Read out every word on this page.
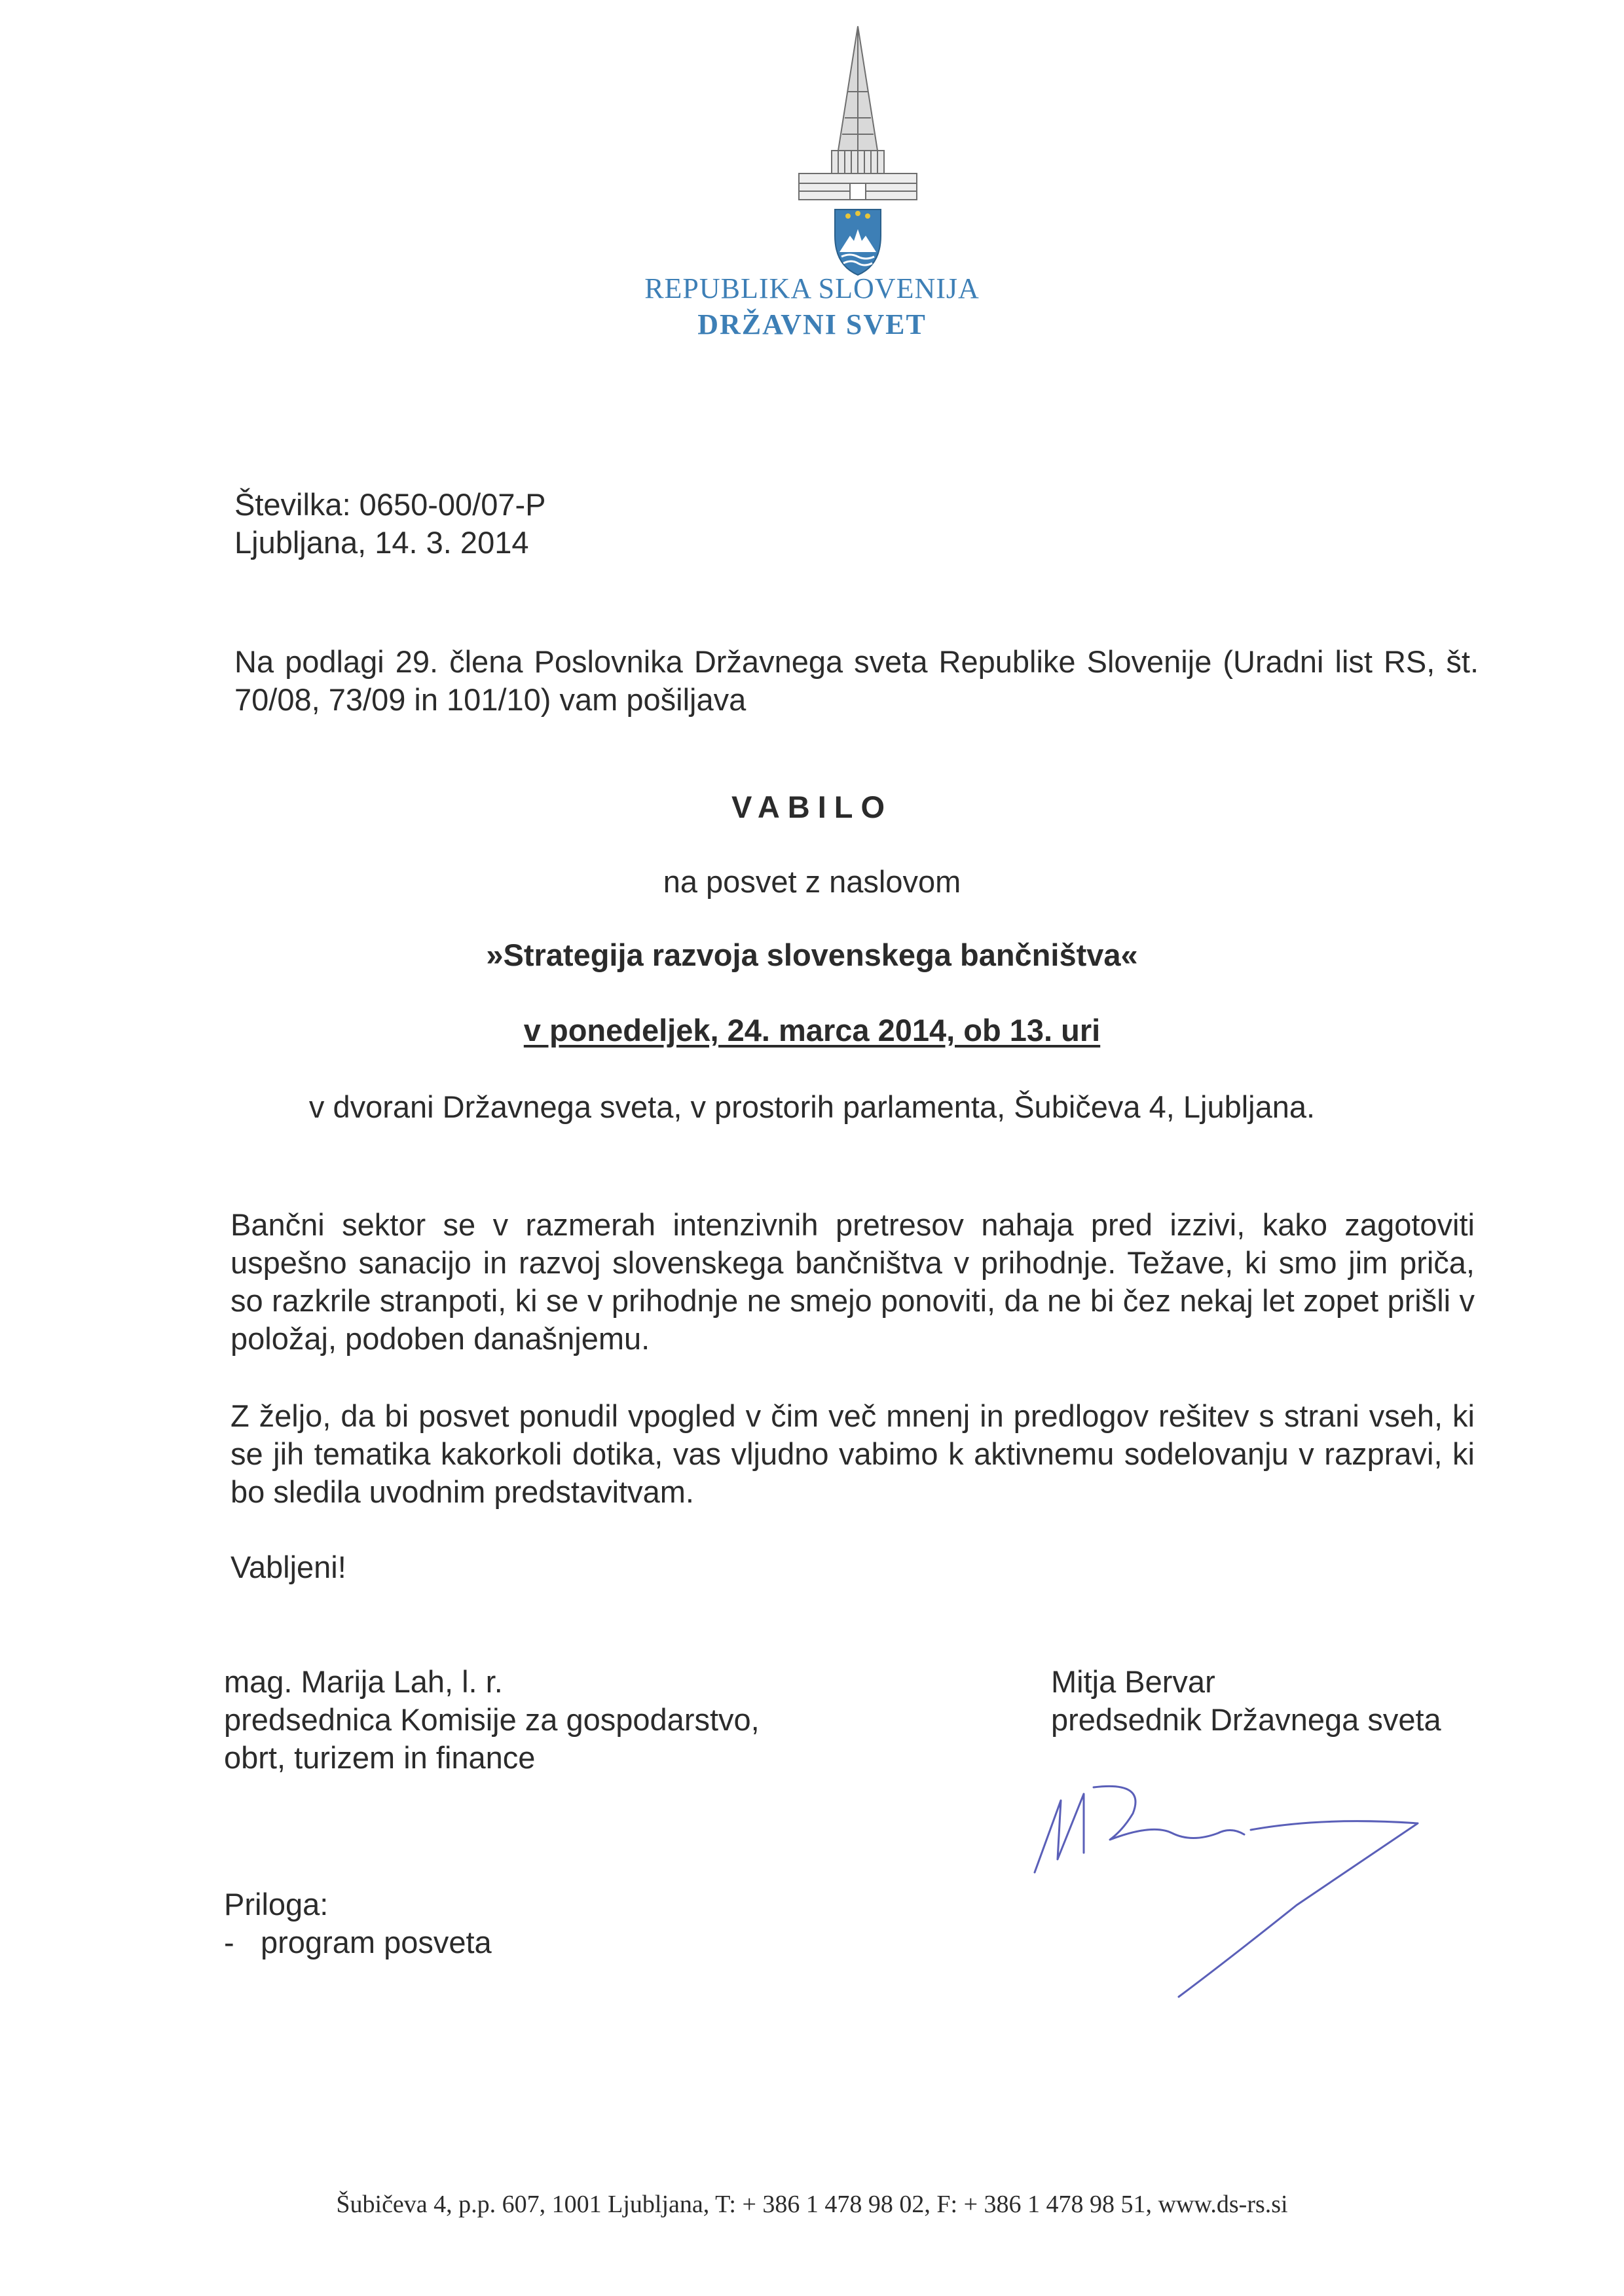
REPUBLIKA SLOVENIJA
DRŽAVNI SVET
Številka: 0650-00/07-P
Ljubljana, 14. 3. 2014
Na podlagi 29. člena Poslovnika Državnega sveta Republike Slovenije (Uradni list RS, št. 70/08, 73/09 in 101/10) vam pošiljava
VABILO
na posvet z naslovom
»Strategija razvoja slovenskega bančništva«
v ponedeljek, 24. marca 2014, ob 13. uri
v dvorani Državnega sveta, v prostorih parlamenta, Šubičeva 4, Ljubljana.
Bančni sektor se v razmerah intenzivnih pretresov nahaja pred izzivi, kako zagotoviti uspešno sanacijo in razvoj slovenskega bančništva v prihodnje. Težave, ki smo jim priča, so razkrile stranpoti, ki se v prihodnje ne smejo ponoviti, da ne bi čez nekaj let zopet prišli v položaj, podoben današnjemu.
Z željo, da bi posvet ponudil vpogled v čim več mnenj in predlogov rešitev s strani vseh, ki se jih tematika kakorkoli dotika, vas vljudno vabimo k aktivnemu sodelovanju v razpravi, ki bo sledila uvodnim predstavitvam.
Vabljeni!
mag. Marija Lah, l. r.
predsednica Komisije za gospodarstvo,
obrt, turizem in finance
Mitja Bervar
predsednik Državnega sveta
Priloga:
- program posveta
Šubičeva 4, p.p. 607, 1001 Ljubljana, T: + 386 1 478 98 02, F: + 386 1 478 98 51, www.ds-rs.si
